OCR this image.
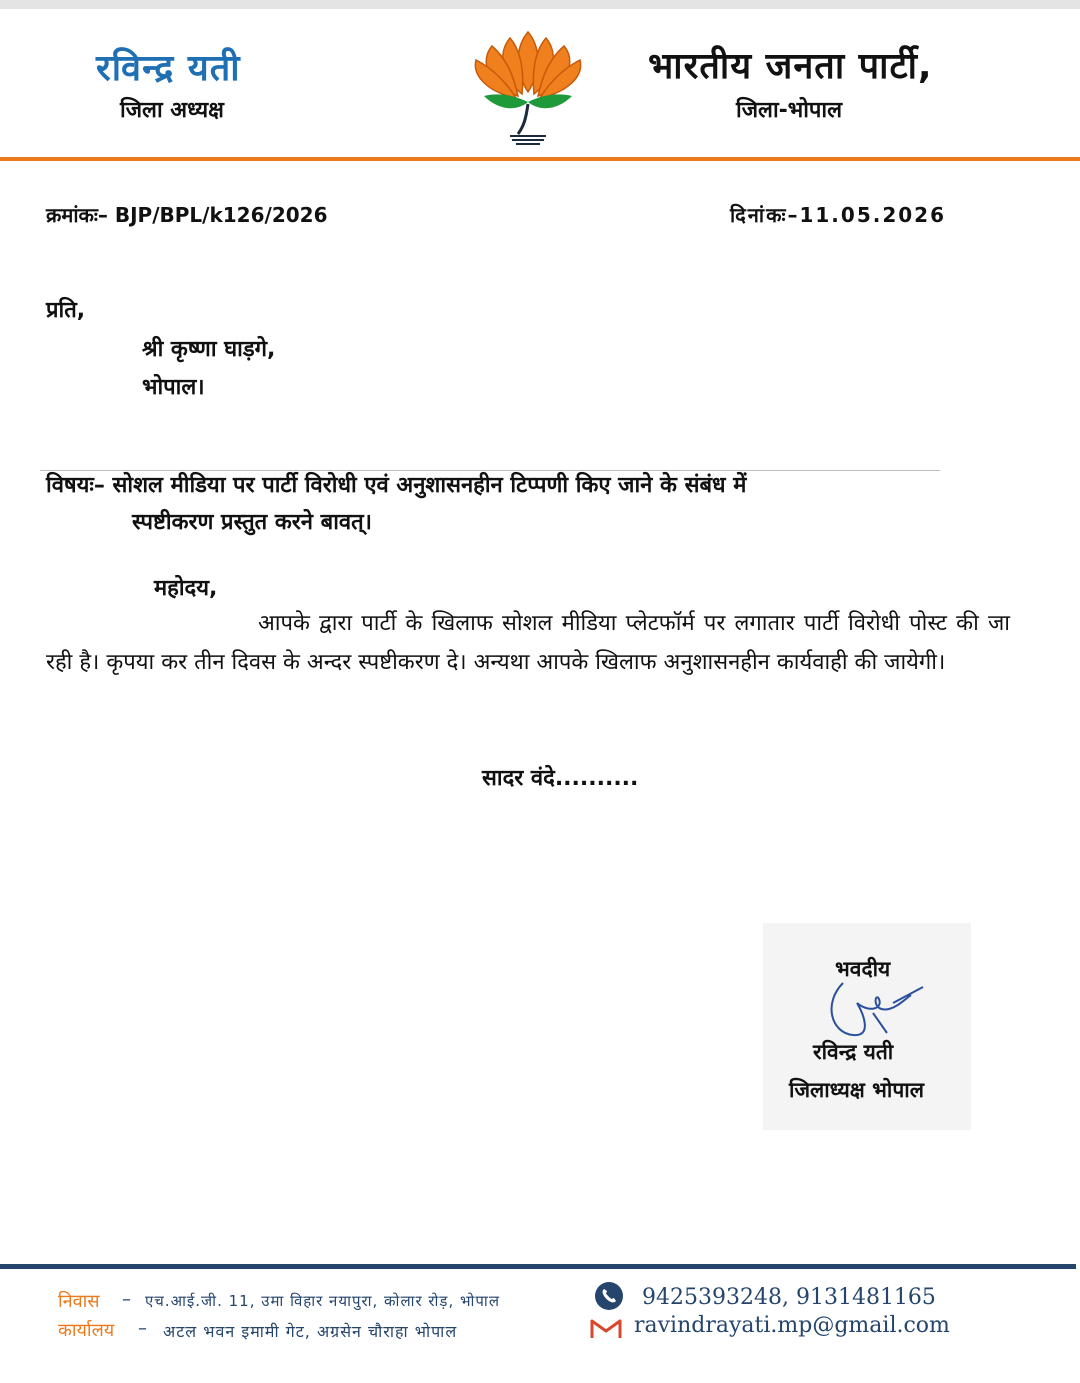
रविन्द्र यती
जिला अध्यक्ष
भारतीय जनता पार्टी,
जिला-भोपाल
क्रमांकः– BJP/BPL/k126/2026	दिनांकः–11.05.2026
प्रति,
श्री कृष्णा घाड़गे,
भोपाल।
विषयः– सोशल मीडिया पर पार्टी विरोधी एवं अनुशासनहीन टिप्पणी किए जाने के संबंध में
स्पष्टीकरण प्रस्तुत करने बावत्।
महोदय,

आपके द्वारा पार्टी के खिलाफ सोशल मीडिया प्लेटफॉर्म पर लगातार पार्टी विरोधी पोस्ट की जा रही है। कृपया कर तीन दिवस के अन्दर स्पष्टीकरण दे। अन्यथा आपके खिलाफ अनुशासनहीन कार्यवाही की जायेगी।

सादर वंदे..........
भवदीय
रविन्द्र यती
जिलाध्यक्ष भोपाल
निवास – एच.आई.जी. 11, उमा विहार नयापुरा, कोलार रोड़, भोपाल
कार्यालय – अटल भवन इमामी गेट, अग्रसेन चौराहा भोपाल
9425393248, 9131481165
ravindrayati.mp@gmail.com
